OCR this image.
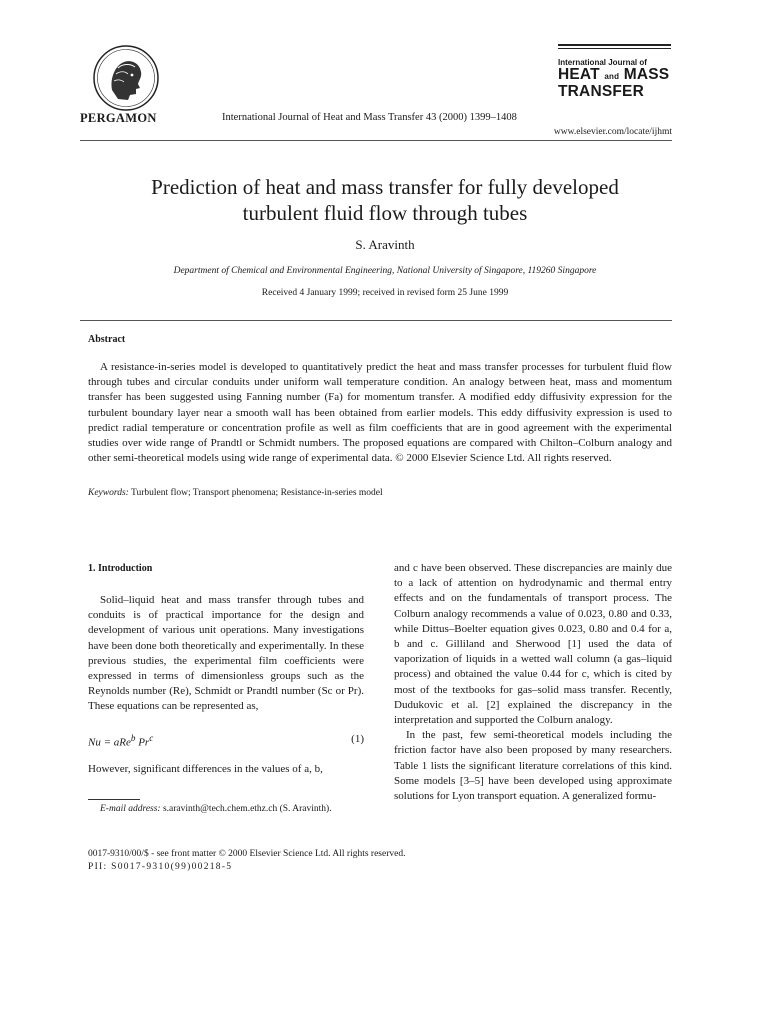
PERGAMON	International Journal of Heat and Mass Transfer 43 (2000) 1399–1408
International Journal of
HEAT and MASS
TRANSFER
www.elsevier.com/locate/ijhmt
Prediction of heat and mass transfer for fully developed
turbulent fluid flow through tubes
S. Aravinth
Department of Chemical and Environmental Engineering, National University of Singapore, 119260 Singapore
Received 4 January 1999; received in revised form 25 June 1999
Abstract

A resistance-in-series model is developed to quantitatively predict the heat and mass transfer processes for turbulent fluid flow through tubes and circular conduits under uniform wall temperature condition. An analogy between heat, mass and momentum transfer has been suggested using Fanning number (Fa) for momentum transfer. A modified eddy diffusivity expression for the turbulent boundary layer near a smooth wall has been obtained from earlier models. This eddy diffusivity expression is used to predict radial temperature or concentration profile as well as film coefficients that are in good agreement with the experimental studies over wide range of Prandtl or Schmidt numbers. The proposed equations are compared with Chilton–Colburn analogy and other semi-theoretical models using wide range of experimental data. © 2000 Elsevier Science Ltd. All rights reserved.

Keywords: Turbulent flow; Transport phenomena; Resistance-in-series model
1. Introduction

Solid–liquid heat and mass transfer through tubes and conduits is of practical importance for the design and development of various unit operations. Many investigations have been done both theoretically and experimentally. In these previous studies, the experimental film coefficients were expressed in terms of dimensionless groups such as the Reynolds number (Re), Schmidt or Prandtl number (Sc or Pr). These equations can be represented as,

Nu = aRe$^b$ Pr$^c$	(1)

However, significant differences in the values of a, b,

E-mail address: s.aravinth@tech.chem.ethz.ch (S. Aravinth).

and c have been observed. These discrepancies are mainly due to a lack of attention on hydrodynamic and thermal entry effects and on the fundamentals of transport process. The Colburn analogy recommends a value of 0.023, 0.80 and 0.33, while Dittus–Boelter equation gives 0.023, 0.80 and 0.4 for a, b and c. Gilliland and Sherwood [1] used the data of vaporization of liquids in a wetted wall column (a gas–liquid process) and obtained the value 0.44 for c, which is cited by most of the textbooks for gas–solid mass transfer. Recently, Dudukovic et al. [2] explained the discrepancy in the interpretation and supported the Colburn analogy.

In the past, few semi-theoretical models including the friction factor have also been proposed by many researchers. Table 1 lists the significant literature correlations of this kind. Some models [3–5] have been developed using approximate solutions for Lyon transport equation. A generalized formu-

0017-9310/00/$ - see front matter © 2000 Elsevier Science Ltd. All rights reserved.
PII: S0017-9310(99)00218-5
